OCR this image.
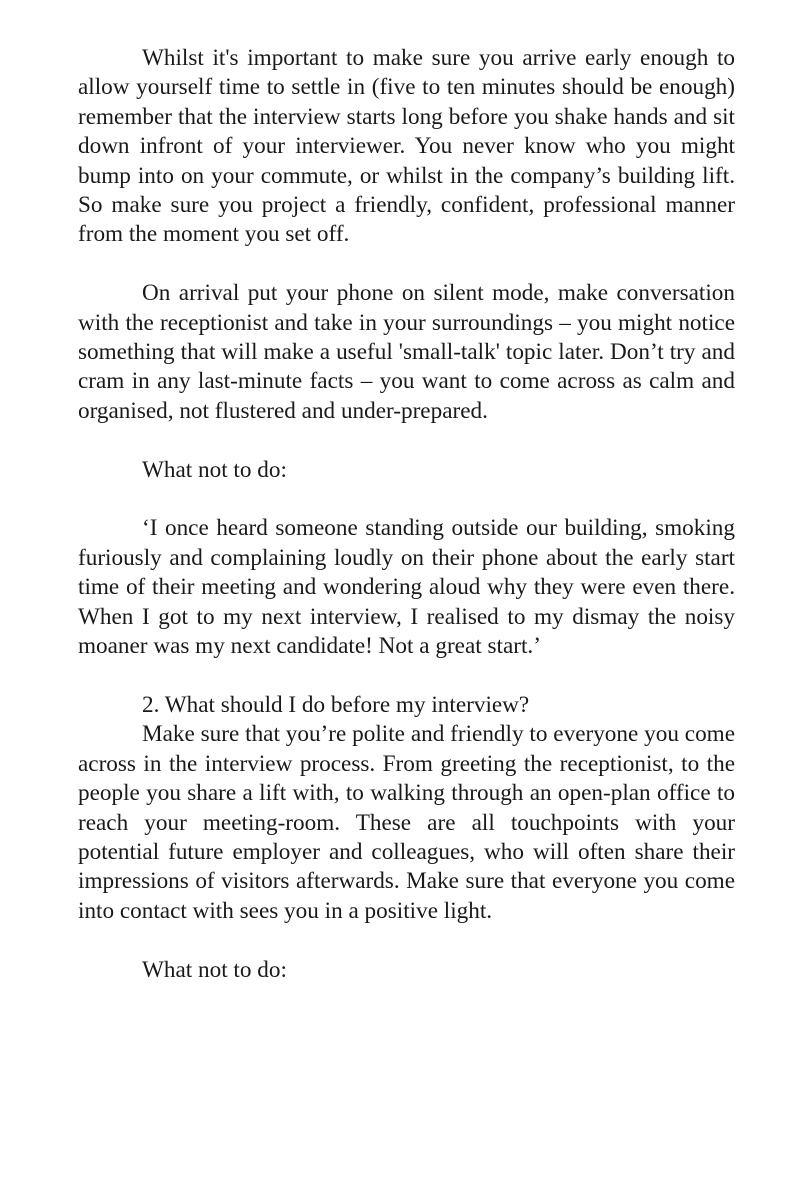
Whilst it's important to make sure you arrive early enough to allow yourself time to settle in (five to ten minutes should be enough) remember that the interview starts long before you shake hands and sit down infront of your interviewer. You never know who you might bump into on your commute, or whilst in the company’s building lift. So make sure you project a friendly, confident, professional manner from the moment you set off.

On arrival put your phone on silent mode, make conversation with the receptionist and take in your surroundings – you might notice something that will make a useful 'small-talk' topic later. Don’t try and cram in any last-minute facts – you want to come across as calm and organised, not flustered and under-prepared.

What not to do:

‘I once heard someone standing outside our building, smoking furiously and complaining loudly on their phone about the early start time of their meeting and wondering aloud why they were even there. When I got to my next interview, I realised to my dismay the noisy moaner was my next candidate! Not a great start.’

2. What should I do before my interview?

Make sure that you’re polite and friendly to everyone you come across in the interview process. From greeting the receptionist, to the people you share a lift with, to walking through an open-plan office to reach your meeting-room. These are all touchpoints with your potential future employer and colleagues, who will often share their impressions of visitors afterwards. Make sure that everyone you come into contact with sees you in a positive light.

What not to do:
